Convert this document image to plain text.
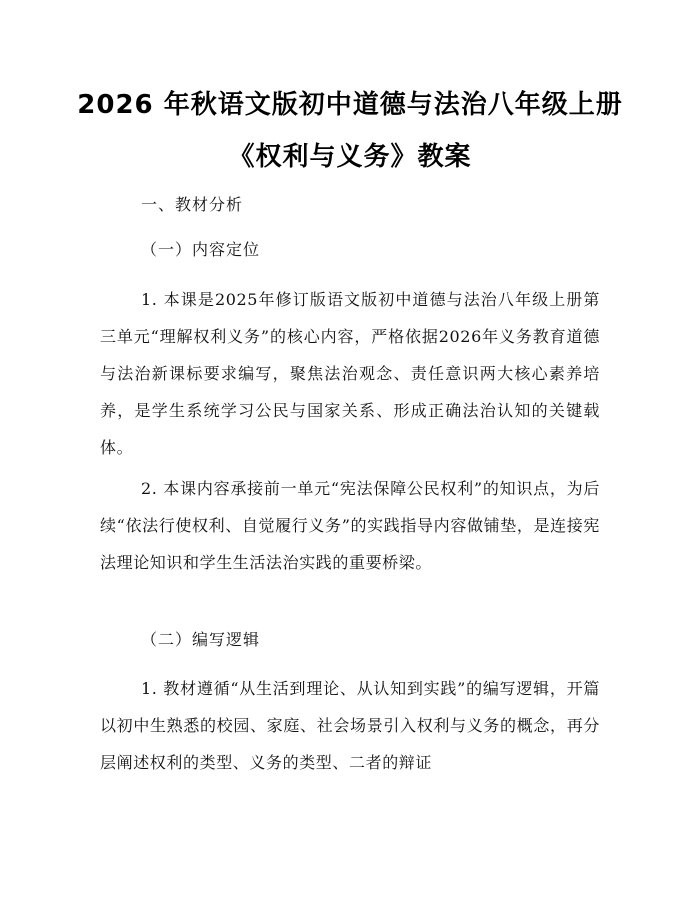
2026 年秋语文版初中道德与法治八年级上册
《权利与义务》教案

一、教材分析

（一）内容定位

1. 本课是2025年修订版语文版初中道德与法治八年级上册第三单元“理解权利义务”的核心内容，严格依据2026年义务教育道德与法治新课标要求编写，聚焦法治观念、责任意识两大核心素养培养，是学生系统学习公民与国家关系、形成正确法治认知的关键载体。

2. 本课内容承接前一单元“宪法保障公民权利”的知识点，为后续“依法行使权利、自觉履行义务”的实践指导内容做铺垫，是连接宪法理论知识和学生生活法治实践的重要桥梁。

（二）编写逻辑

1. 教材遵循“从生活到理论、从认知到实践”的编写逻辑，开篇以初中生熟悉的校园、家庭、社会场景引入权利与义务的概念，再分层阐述权利的类型、义务的类型、二者的辩证
